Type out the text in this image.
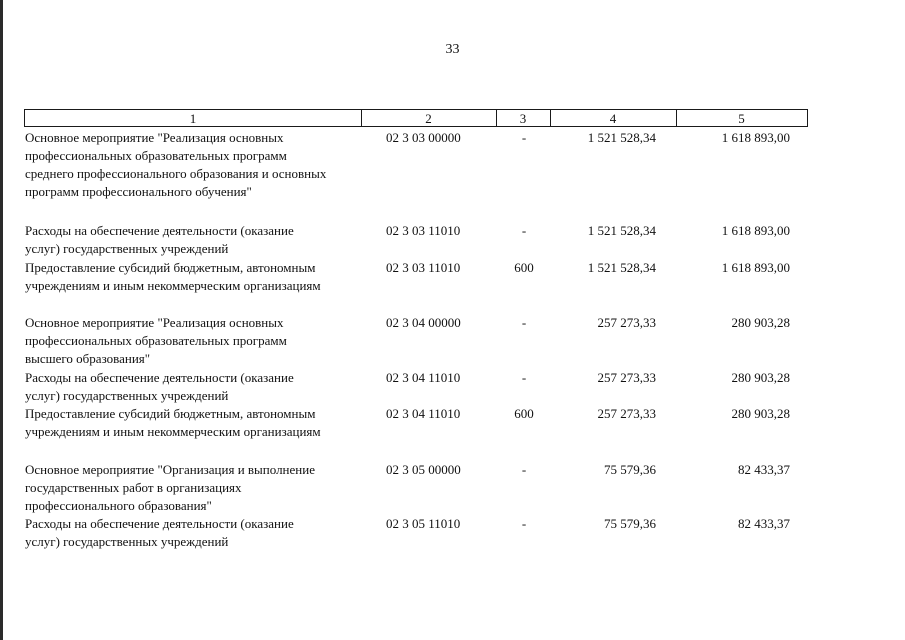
33
1	2	3	4	5
Основное мероприятие "Реализация основных
профессиональных образовательных программ
среднего профессионального образования и основных
программ профессионального обучения"
02 3 03 00000	-	1 521 528,34	1 618 893,00
Расходы на обеспечение деятельности (оказание
услуг) государственных учреждений
02 3 03 11010	-	1 521 528,34	1 618 893,00
Предоставление субсидий бюджетным, автономным
учреждениям и иным некоммерческим организациям
02 3 03 11010	600	1 521 528,34	1 618 893,00
Основное мероприятие "Реализация основных
профессиональных образовательных программ
высшего образования"
02 3 04 00000	-	257 273,33	280 903,28
Расходы на обеспечение деятельности (оказание
услуг) государственных учреждений
02 3 04 11010	-	257 273,33	280 903,28
Предоставление субсидий бюджетным, автономным
учреждениям и иным некоммерческим организациям
02 3 04 11010	600	257 273,33	280 903,28
Основное мероприятие "Организация и выполнение
государственных работ в организациях
профессионального образования"
02 3 05 00000	-	75 579,36	82 433,37
Расходы на обеспечение деятельности (оказание
услуг) государственных учреждений
02 3 05 11010	-	75 579,36	82 433,37
